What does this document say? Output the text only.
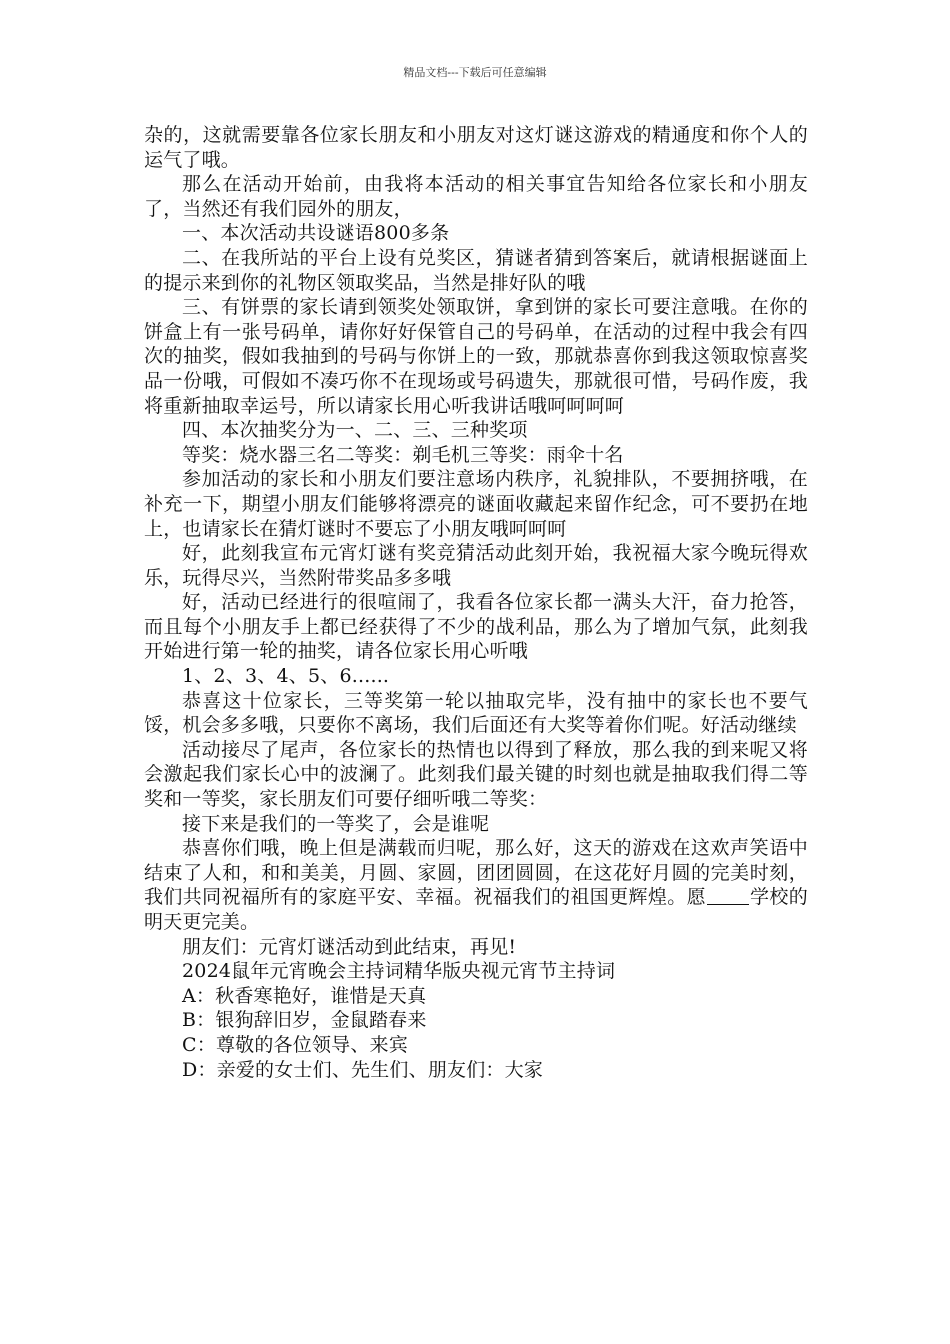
精品文档---下载后可任意编辑

杂的，这就需要靠各位家长朋友和小朋友对这灯谜这游戏的精通度和你个人的运气了哦。

那么在活动开始前，由我将本活动的相关事宜告知给各位家长和小朋友了，当然还有我们园外的朋友，

一、本次活动共设谜语800多条

二、在我所站的平台上设有兑奖区，猜谜者猜到答案后，就请根据谜面上的提示来到你的礼物区领取奖品，当然是排好队的哦

三、有饼票的家长请到领奖处领取饼，拿到饼的家长可要注意哦。在你的饼盒上有一张号码单，请你好好保管自己的号码单，在活动的过程中我会有四次的抽奖，假如我抽到的号码与你饼上的一致，那就恭喜你到我这领取惊喜奖品一份哦，可假如不凑巧你不在现场或号码遗失，那就很可惜，号码作废，我将重新抽取幸运号，所以请家长用心听我讲话哦呵呵呵呵

四、本次抽奖分为一、二、三、三种奖项

等奖：烧水器三名二等奖：剃毛机三等奖：雨伞十名

参加活动的家长和小朋友们要注意场内秩序，礼貌排队，不要拥挤哦，在补充一下，期望小朋友们能够将漂亮的谜面收藏起来留作纪念，可不要扔在地上，也请家长在猜灯谜时不要忘了小朋友哦呵呵呵

好，此刻我宣布元宵灯谜有奖竞猜活动此刻开始，我祝福大家今晚玩得欢乐，玩得尽兴，当然附带奖品多多哦

好，活动已经进行的很喧闹了，我看各位家长都一满头大汗，奋力抢答，而且每个小朋友手上都已经获得了不少的战利品，那么为了增加气氛，此刻我开始进行第一轮的抽奖，请各位家长用心听哦

1、2、3、4、5、6......

恭喜这十位家长，三等奖第一轮以抽取完毕，没有抽中的家长也不要气馁，机会多多哦，只要你不离场，我们后面还有大奖等着你们呢。好活动继续

活动接尽了尾声，各位家长的热情也以得到了释放，那么我的到来呢又将会激起我们家长心中的波澜了。此刻我们最关键的时刻也就是抽取我们得二等奖和一等奖，家长朋友们可要仔细听哦二等奖：

接下来是我们的一等奖了，会是谁呢

恭喜你们哦，晚上但是满载而归呢，那么好，这天的游戏在这欢声笑语中结束了人和，和和美美，月圆、家圆，团团圆圆，在这花好月圆的完美时刻，我们共同祝福所有的家庭平安、幸福。祝福我们的祖国更辉煌。愿 学校的明天更完美。

朋友们：元宵灯谜活动到此结束，再见!

2024鼠年元宵晚会主持词精华版央视元宵节主持词

A：秋香寒艳好，谁惜是天真

B：银狗辞旧岁，金鼠踏春来

C：尊敬的各位领导、来宾

D：亲爱的女士们、先生们、朋友们：大家
